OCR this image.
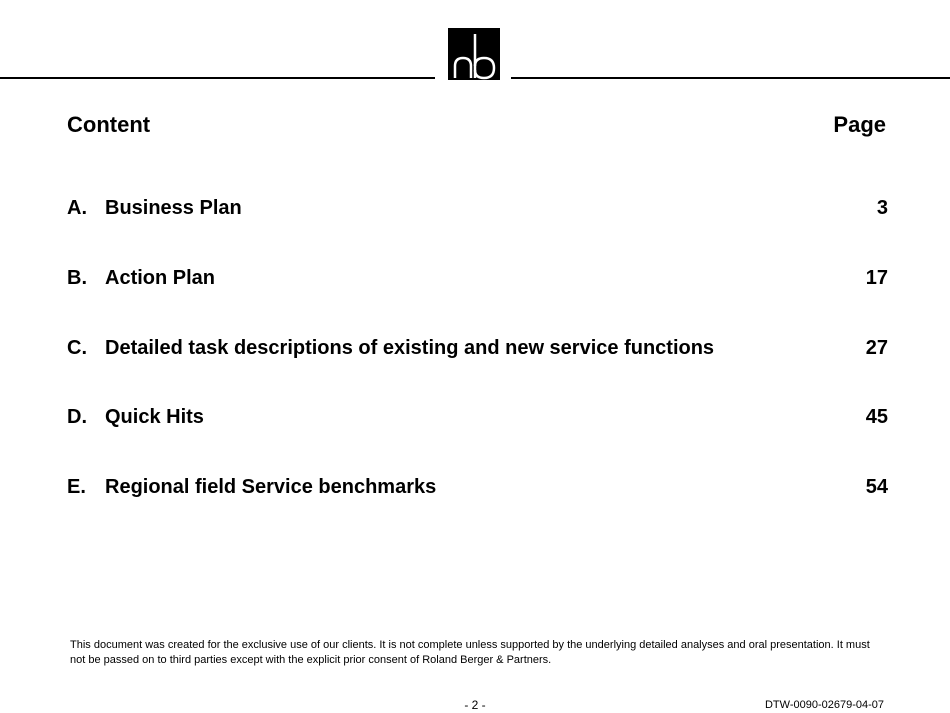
Content	Page
A. Business Plan	3
B. Action Plan	17
C. Detailed task descriptions of existing and new service functions	27
D. Quick Hits	45
E. Regional field Service benchmarks	54
This document was created for the exclusive use of our clients. It is not complete unless supported by the underlying detailed analyses and oral presentation. It must not be passed on to third parties except with the explicit prior consent of Roland Berger & Partners.
- 2 -	DTW-0090-02679-04-07
